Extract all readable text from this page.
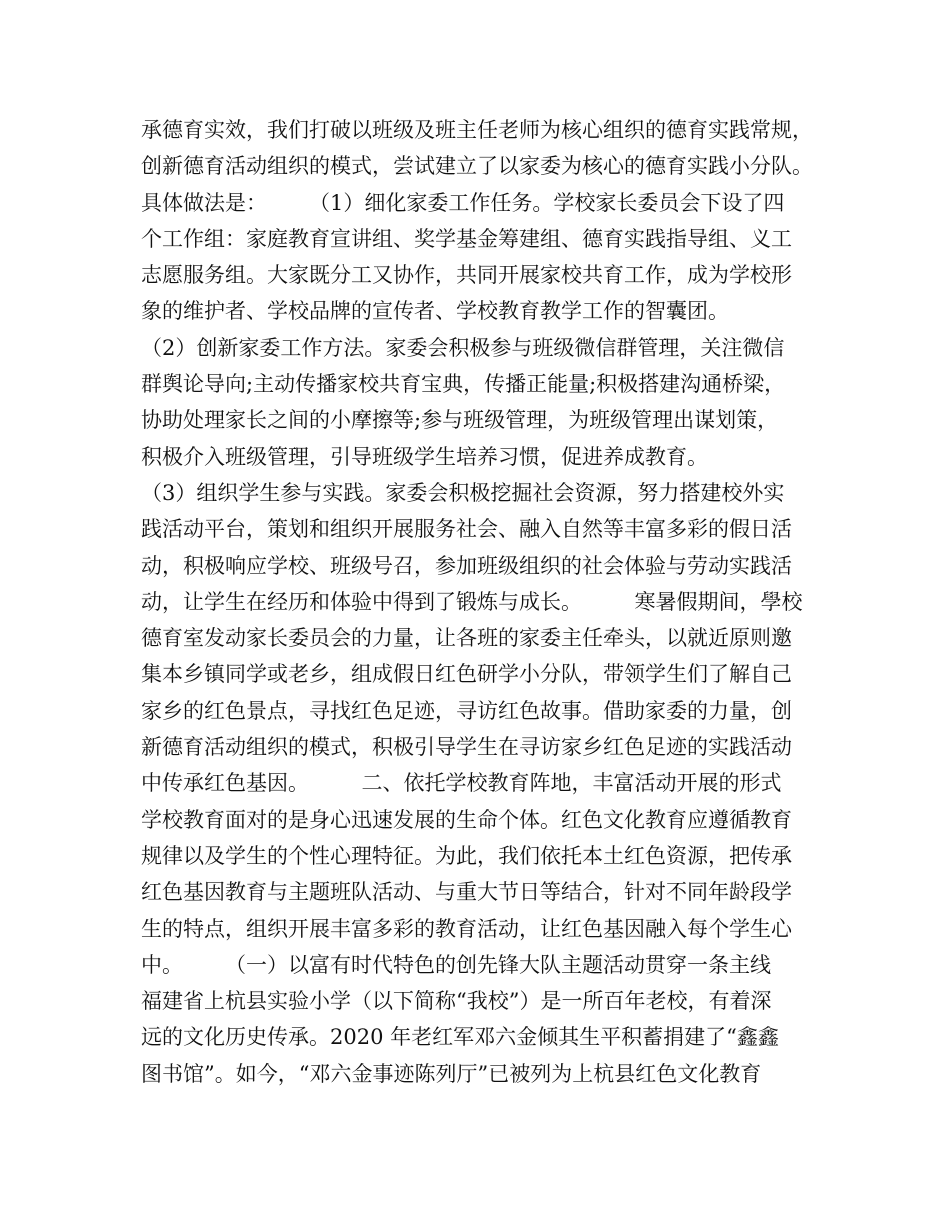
承德育实效，我们打破以班级及班主任老师为核心组织的德育实践常规，
创新德育活动组织的模式，尝试建立了以家委为核心的德育实践小分队。
具体做法是：　　　（1）细化家委工作任务。学校家长委员会下设了四
个工作组：家庭教育宣讲组、奖学基金筹建组、德育实践指导组、义工
志愿服务组。大家既分工又协作，共同开展家校共育工作，成为学校形
象的维护者、学校品牌的宣传者、学校教育教学工作的智囊团。
（2）创新家委工作方法。家委会积极参与班级微信群管理，关注微信
群舆论导向;主动传播家校共育宝典，传播正能量;积极搭建沟通桥梁，
协助处理家长之间的小摩擦等;参与班级管理，为班级管理出谋划策，
积极介入班级管理，引导班级学生培养习惯，促进养成教育。
（3）组织学生参与实践。家委会积极挖掘社会资源，努力搭建校外实
践活动平台，策划和组织开展服务社会、融入自然等丰富多彩的假日活
动，积极响应学校、班级号召，参加班级组织的社会体验与劳动实践活
动，让学生在经历和体验中得到了锻炼与成长。　　　寒暑假期间，學校
德育室发动家长委员会的力量，让各班的家委主任牵头，以就近原则邀
集本乡镇同学或老乡，组成假日红色研学小分队，带领学生们了解自己
家乡的红色景点，寻找红色足迹，寻访红色故事。借助家委的力量，创
新德育活动组织的模式，积极引导学生在寻访家乡红色足迹的实践活动
中传承红色基因。　　　二、依托学校教育阵地，丰富活动开展的形式
学校教育面对的是身心迅速发展的生命个体。红色文化教育应遵循教育
规律以及学生的个性心理特征。为此，我们依托本土红色资源，把传承
红色基因教育与主题班队活动、与重大节日等结合，针对不同年龄段学
生的特点，组织开展丰富多彩的教育活动，让红色基因融入每个学生心
中。　　　（一）以富有时代特色的创先锋大队主题活动贯穿一条主线
福建省上杭县实验小学（以下简称“我校”）是一所百年老校，有着深
远的文化历史传承。2020 年老红军邓六金倾其生平积蓄捐建了“鑫鑫
图书馆”。如今，“邓六金事迹陈列厅”已被列为上杭县红色文化教育
